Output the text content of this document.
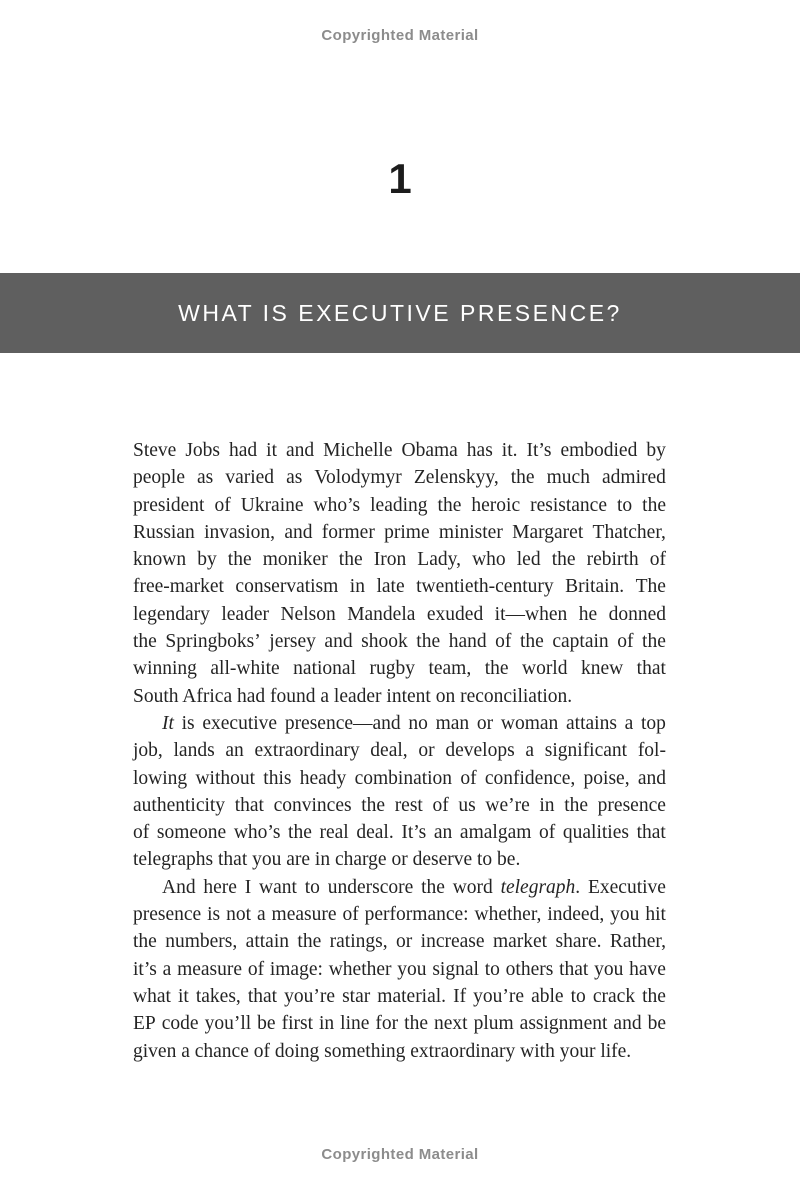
Copyrighted Material
1
WHAT IS EXECUTIVE PRESENCE?
Steve Jobs had it and Michelle Obama has it. It’s embodied by
people as varied as Volodymyr Zelenskyy, the much admired
president of Ukraine who’s leading the heroic resistance to the
Russian invasion, and former prime minister Margaret Thatcher,
known by the moniker the Iron Lady, who led the rebirth of
free-market conservatism in late twentieth-century Britain. The
legendary leader Nelson Mandela exuded it—when he donned
the Springboks’ jersey and shook the hand of the captain of the
winning all-white national rugby team, the world knew that
South Africa had found a leader intent on reconciliation.
It is executive presence—and no man or woman attains a top
job, lands an extraordinary deal, or develops a significant fol-
lowing without this heady combination of confidence, poise, and
authenticity that convinces the rest of us we’re in the presence
of someone who’s the real deal. It’s an amalgam of qualities that
telegraphs that you are in charge or deserve to be.
And here I want to underscore the word telegraph. Executive
presence is not a measure of performance: whether, indeed, you hit
the numbers, attain the ratings, or increase market share. Rather,
it’s a measure of image: whether you signal to others that you have
what it takes, that you’re star material. If you’re able to crack the
EP code you’ll be first in line for the next plum assignment and be
given a chance of doing something extraordinary with your life.
Copyrighted Material
